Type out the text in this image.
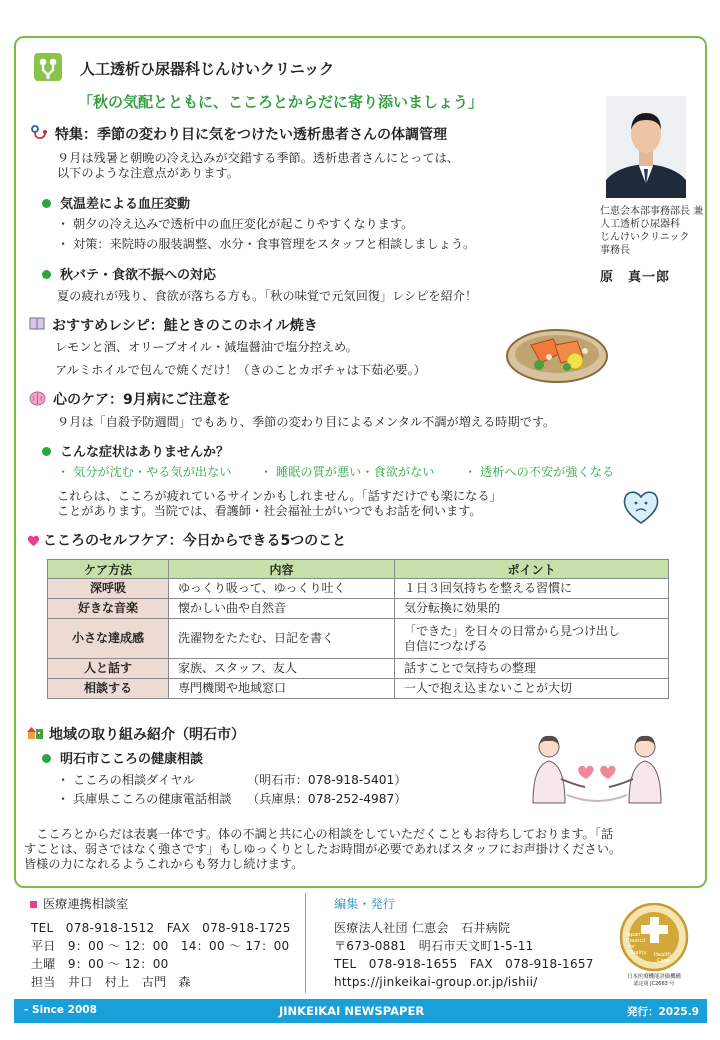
人工透析ひ尿器科じんけいクリニック
「秋の気配とともに、こころとからだに寄り添いましょう」
仁恵会本部事務部長 兼
人工透析ひ尿器科
じんけいクリニック
事務長
原　真一郎
特集：季節の変わり目に気をつけたい透析患者さんの体調管理
９月は残暑と朝晩の冷え込みが交錯する季節。透析患者さんにとっては、
以下のような注意点があります。
気温差による血圧変動
・ 朝夕の冷え込みで透析中の血圧変化が起こりやすくなります。
・ 対策：来院時の服装調整、水分・食事管理をスタッフと相談しましょう。
秋バテ・食欲不振への対応
夏の疲れが残り、食欲が落ちる方も。「秋の味覚で元気回復」レシピを紹介！
おすすめレシピ：鮭ときのこのホイル焼き
レモンと酒、オリーブオイル・減塩醤油で塩分控えめ。
アルミホイルで包んで焼くだけ！（きのことカボチャは下茹必要。）
心のケア：9月病にご注意を
９月は「自殺予防週間」でもあり、季節の変わり目によるメンタル不調が増える時期です。
こんな症状はありませんか？
・ 気分が沈む・やる気が出ない ・ 睡眠の質が悪い・食欲がない ・ 透析への不安が強くなる
これらは、こころが疲れているサインかもしれません。「話すだけでも楽になる」
ことがあります。当院では、看護師・社会福祉士がいつでもお話を伺います。
こころのセルフケア：今日からできる5つのこと
ケア方法	内容	ポイント
深呼吸	ゆっくり吸って、ゆっくり吐く	１日３回気持ちを整える習慣に
好きな音楽	懐かしい曲や自然音	気分転換に効果的
小さな達成感	洗濯物をたたむ、日記を書く	「できた」を日々の日常から見つけ出し
自信につなげる

人と話す	家族、スタッフ、友人	話すことで気持ちの整理
相談する	専門機関や地域窓口	一人で抱え込まないことが大切
地域の取り組み紹介（明石市）
明石市こころの健康相談
・ こころの相談ダイヤル	（明石市：078-918-5401）
・ 兵庫県こころの健康電話相談 （兵庫県：078-252-4987）
　こころとからだは表裏一体です。体の不調と共に心の相談をしていただくこともお待ちしております。「話
すことは、弱さではなく強さです」もしゆっくりとしたお時間が必要であればスタッフにお声掛けください。
皆様の力になれるようこれからも努力し続けます。
医療連携相談室
TEL　078-918-1512　FAX　078-918-1725
平日　9：00 ～ 12：00　14：00 ～ 17：00
土曜　9：00 ～ 12：00
担当　井口　村上　古門　森
編集・発行
医療法人社団 仁恵会　石井病院
〒673-0881　明石市天文町1-5-11
TEL　078-918-1655　FAX　078-918-1657
https://jinkeikai-group.or.jp/ishii/
Japan
Council
for
Quality Health
Care
日本医療機能評価機構
認定第 JC2663 号
- Since 2008	JINKEIKAI NEWSPAPER	発行：2025.9
